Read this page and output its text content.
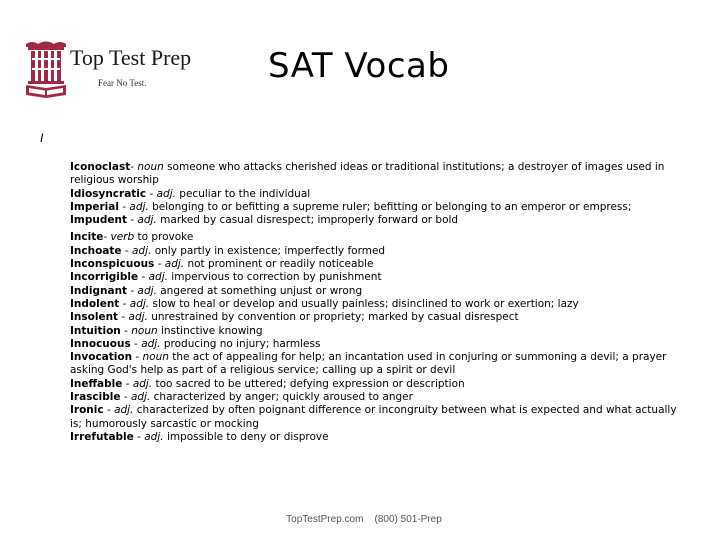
Top Test Prep
Fear No Test.	SAT Vocab
I
Iconoclast- noun someone who attacks cherished ideas or traditional institutions; a destroyer of images used in religious worship
Idiosyncratic - adj. peculiar to the individual
Imperial - adj. belonging to or befitting a supreme ruler; befitting or belonging to an emperor or empress;
Impudent - adj. marked by casual disrespect; improperly forward or bold
Incite- verb to provoke
Inchoate - adj. only partly in existence; imperfectly formed
Inconspicuous - adj. not prominent or readily noticeable
Incorrigible - adj. impervious to correction by punishment
Indignant - adj. angered at something unjust or wrong
Indolent - adj. slow to heal or develop and usually painless; disinclined to work or exertion; lazy
Insolent - adj. unrestrained by convention or propriety; marked by casual disrespect
Intuition - noun instinctive knowing
Innocuous - adj. producing no injury; harmless
Invocation - noun the act of appealing for help; an incantation used in conjuring or summoning a devil; a prayer asking God's help as part of a religious service; calling up a spirit or devil
Ineffable - adj. too sacred to be uttered; defying expression or description
Irascible - adj. characterized by anger; quickly aroused to anger
Ironic - adj. characterized by often poignant difference or incongruity between what is expected and what actually is; humorously sarcastic or mocking
Irrefutable - adj. impossible to deny or disprove
TopTestPrep.com    (800) 501-Prep
